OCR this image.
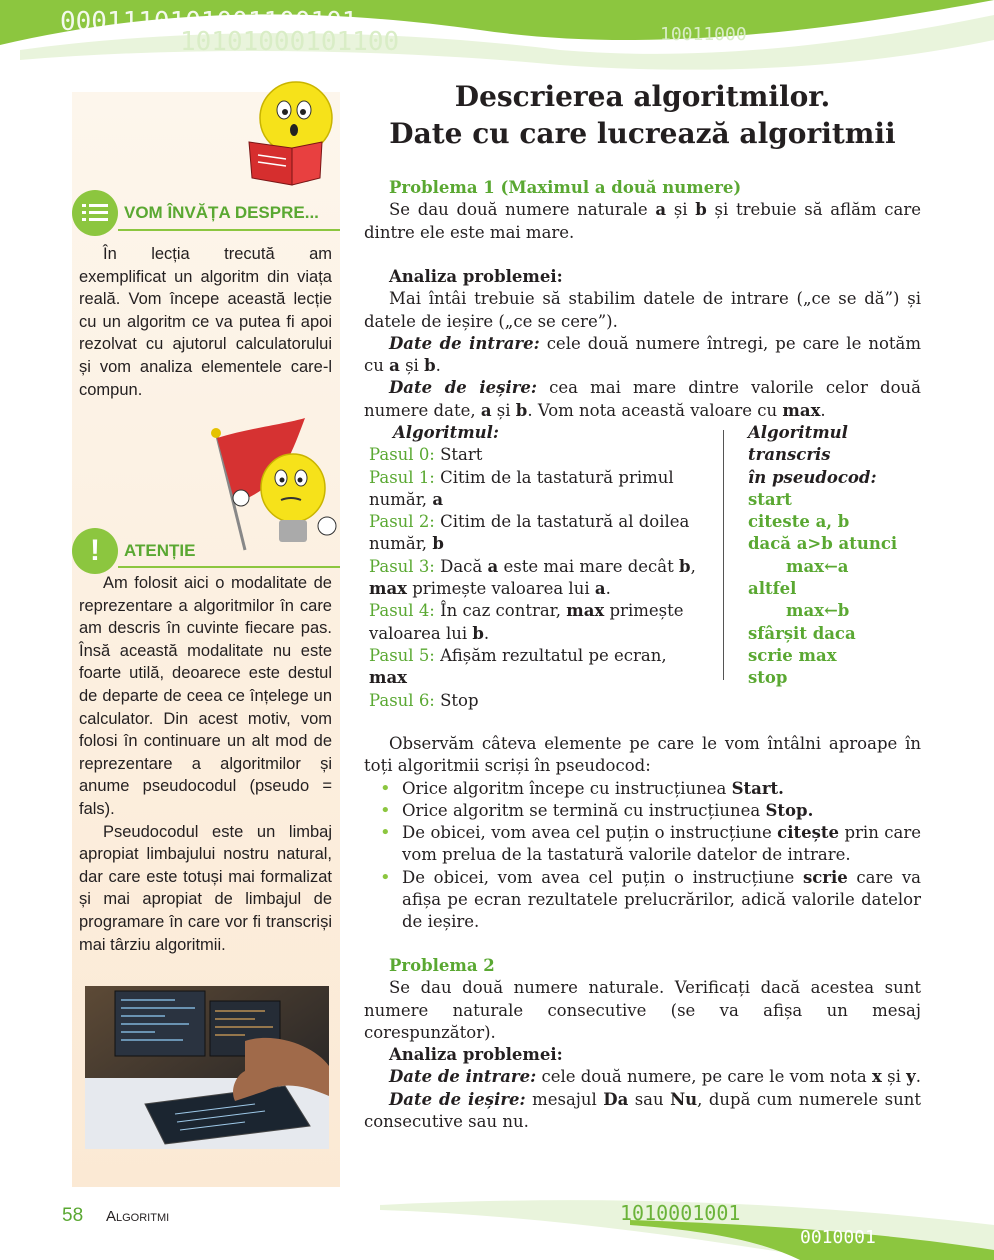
0001110101001100101
10101000101100	10011000
VOM ÎNVĂȚA DESPRE...

În lecția trecută am exemplificat un algoritm din viața reală. Vom începe această lecție cu un algoritm ce va putea fi apoi rezolvat cu ajutorul calculatorului și vom analiza elementele care-l compun.

!	ATENȚIE

Am folosit aici o modalitate de reprezentare a algoritmilor în care am descris în cuvinte fiecare pas. Însă această modalitate nu este foarte utilă, deoarece este destul de departe de ceea ce înțelege un calculator. Din acest motiv, vom folosi în continuare un alt mod de reprezentare a algoritmilor și anume pseudocodul (pseudo = fals).

Pseudocodul este un limbaj apropiat limbajului nostru natural, dar care este totuși mai formalizat și mai apropiat de limbajul de programare în care vor fi transcriși mai târziu algoritmii.

Descrierea algoritmilor.
Date cu care lucrează algoritmii

Problema 1 (Maximul a două numere)

Se dau două numere naturale a și b și trebuie să aflăm care dintre ele este mai mare.

Analiza problemei:

Mai întâi trebuie să stabilim datele de intrare („ce se dă”) și datele de ieșire („ce se cere”).

Date de intrare: cele două numere întregi, pe care le notăm cu a și b.

Date de ieșire: cea mai mare dintre valorile celor două numere date, a și b. Vom nota această valoare cu max.

Algoritmul:

Pasul 0: Start

Pasul 1: Citim de la tastatură primul număr, a

Pasul 2: Citim de la tastatură al doilea număr, b

Pasul 3: Dacă a este mai mare decât b, max primește valoarea lui a.

Pasul 4: În caz contrar, max primește valoarea lui b.

Pasul 5: Afișăm rezultatul pe ecran, max

Pasul 6: Stop

Algoritmul transcris

în pseudocod:

start

citeste a, b

dacă a>b atunci

max←a

altfel

max←b

sfârșit daca

scrie max

stop

Observăm câteva elemente pe care le vom întâlni aproape în toți algoritmii scriși în pseudocod:

• Orice algoritm începe cu instrucțiunea Start.
• Orice algoritm se termină cu instrucțiunea Stop.
• De obicei, vom avea cel puțin o instrucțiune citește prin care vom prelua de la tastatură valorile datelor de intrare.
• De obicei, vom avea cel puțin o instrucțiune scrie care va afișa pe ecran rezultatele prelucrărilor, adică valorile datelor de ieșire.

Problema 2

Se dau două numere naturale. Verificați dacă acestea sunt numere naturale consecutive (se va afișa un mesaj corespunzător).

Analiza problemei:

Date de intrare: cele două numere, pe care le vom nota x și y.

Date de ieșire: mesajul Da sau Nu, după cum numerele sunt consecutive sau nu.

1010001001
0010001
58 Algoritmi
